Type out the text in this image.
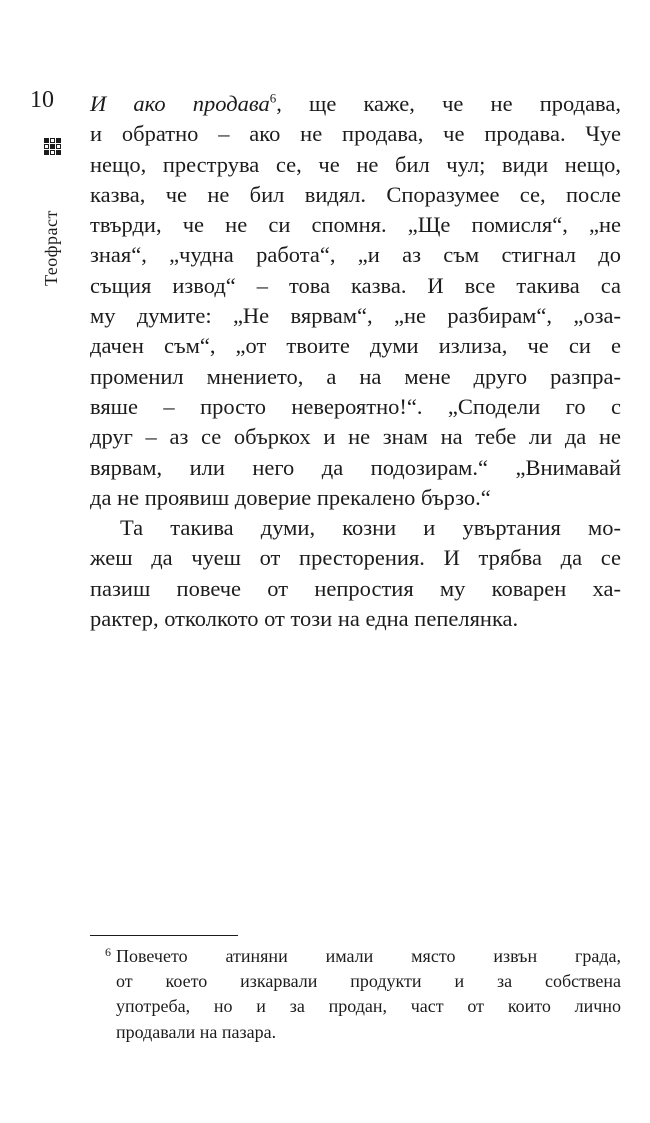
10
Теофраст

И ако продава$^6$, ще каже, че не продава,
и обратно – ако не продава, че продава. Чуе
нещо, преструва се, че не бил чул; види нещо,
казва, че не бил видял. Споразумее се, после
твърди, че не си спомня. „Ще помисля“, „не
зная“, „чудна работа“, „и аз съм стигнал до
същия извод“ – това казва. И все такива са
му думите: „Не вярвам“, „не разбирам“, „оза-
дачен съм“, „от твоите думи излиза, че си е
променил мнението, а на мене друго разпра-
вяше – просто невероятно!“. „Сподели го с
друг – аз се объркох и не знам на тебе ли да не
вярвам, или него да подозирам.“ „Внимавай
да не проявиш доверие прекалено бързо.“

Та такива думи, козни и увъртания мо-
жеш да чуеш от престорения. И трябва да се
пазиш повече от непростия му коварен ха-
рактер, отколкото от този на една пепелянка.

6 Повечето атиняни имали място извън града,
от което изкарвали продукти и за собствена
употреба, но и за продан, част от които лично
продавали на пазара.
